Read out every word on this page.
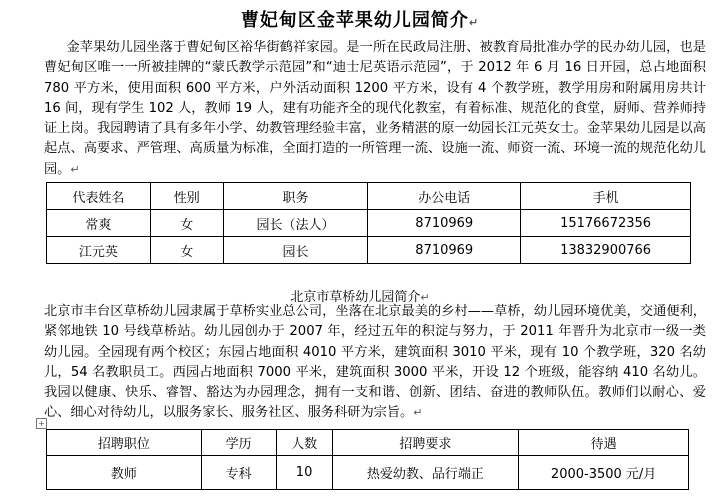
曹妃甸区金苹果幼儿园简介↵

金苹果幼儿园坐落于曹妃甸区裕华街鹤祥家园。是一所在民政局注册、被教育局批准办学的民办幼儿园，也是曹妃甸区唯一一所被挂牌的“蒙氏教学示范园”和“迪士尼英语示范园”，于 2012 年 6 月 16 日开园，总占地面积 780 平方米，使用面积 600 平方米，户外活动面积 1200 平方米，设有 4 个教学班，教学用房和附属用房共计 16 间，现有学生 102 人，教师 19 人，建有功能齐全的现代化教室，有着标准、规范化的食堂，厨师、营养师持证上岗。我园聘请了具有多年小学、幼教管理经验丰富，业务精湛的原一幼园长江元英女士。金苹果幼儿园是以高起点、高要求、严管理、高质量为标准，全面打造的一所管理一流、设施一流、师资一流、环境一流的规范化幼儿园。↵

代表姓名	性别	职务	办公电话	手机
常爽	女	园长（法人）	8710969	15176672356
江元英	女	园长	8710969	13832900766
北京市草桥幼儿园简介↵

北京市丰台区草桥幼儿园隶属于草桥实业总公司，坐落在北京最美的乡村——草桥，幼儿园环境优美，交通便利，紧邻地铁 10 号线草桥站。幼儿园创办于 2007 年，经过五年的积淀与努力，于 2011 年晋升为北京市一级一类幼儿园。全园现有两个校区；东园占地面积 4010 平方米，建筑面积 3010 平米，现有 10 个教学班，320 名幼儿，54 名教职员工。西园占地面积 7000 平米，建筑面积 3000 平米，开设 12 个班级，能容纳 410 名幼儿。我园以健康、快乐、睿智、豁达为办园理念，拥有一支和谐、创新、团结、奋进的教师队伍。教师们以耐心、爱心、细心对待幼儿，以服务家长、服务社区、服务科研为宗旨。↵

+
招聘职位	学历	人数	招聘要求	待遇
教师	专科	10	热爱幼教、品行端正	2000-3500 元/月
